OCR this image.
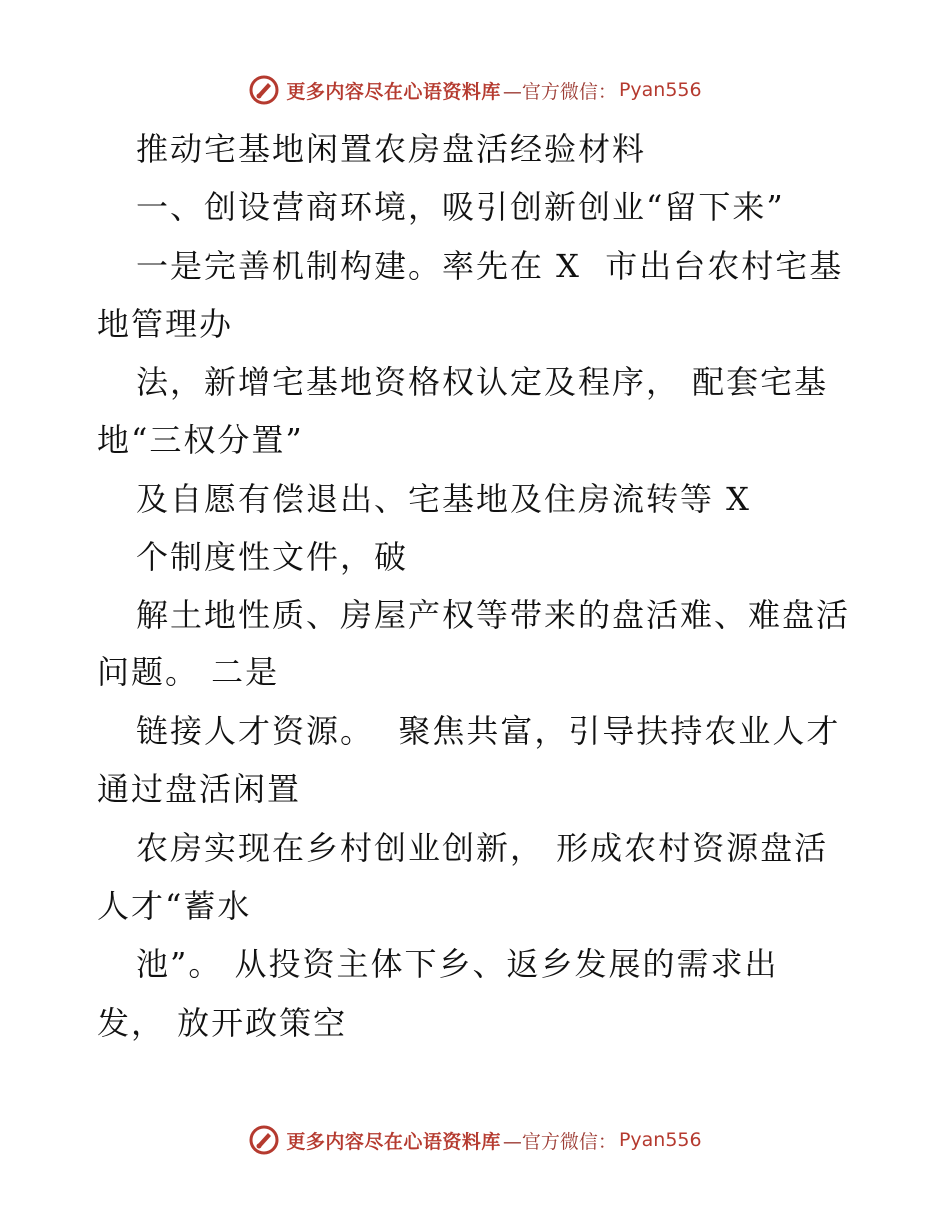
更多内容尽在心语资料库 —官方微信： Pyan556
推动宅基地闲置农房盘活经验材料
一、创设营商环境，吸引创新创业“留下来”
一是完善机制构建。率先在 X  市出台农村宅基
地管理办
法，新增宅基地资格权认定及程序， 配套宅基
地“三权分置”
及自愿有偿退出、宅基地及住房流转等 X
个制度性文件，破
解土地性质、房屋产权等带来的盘活难、难盘活
问题。 二是
链接人才资源。  聚焦共富，引导扶持农业人才
通过盘活闲置
农房实现在乡村创业创新， 形成农村资源盘活
人才“蓄水
池”。 从投资主体下乡、返乡发展的需求出
发， 放开政策空
更多内容尽在心语资料库 —官方微信： Pyan556
